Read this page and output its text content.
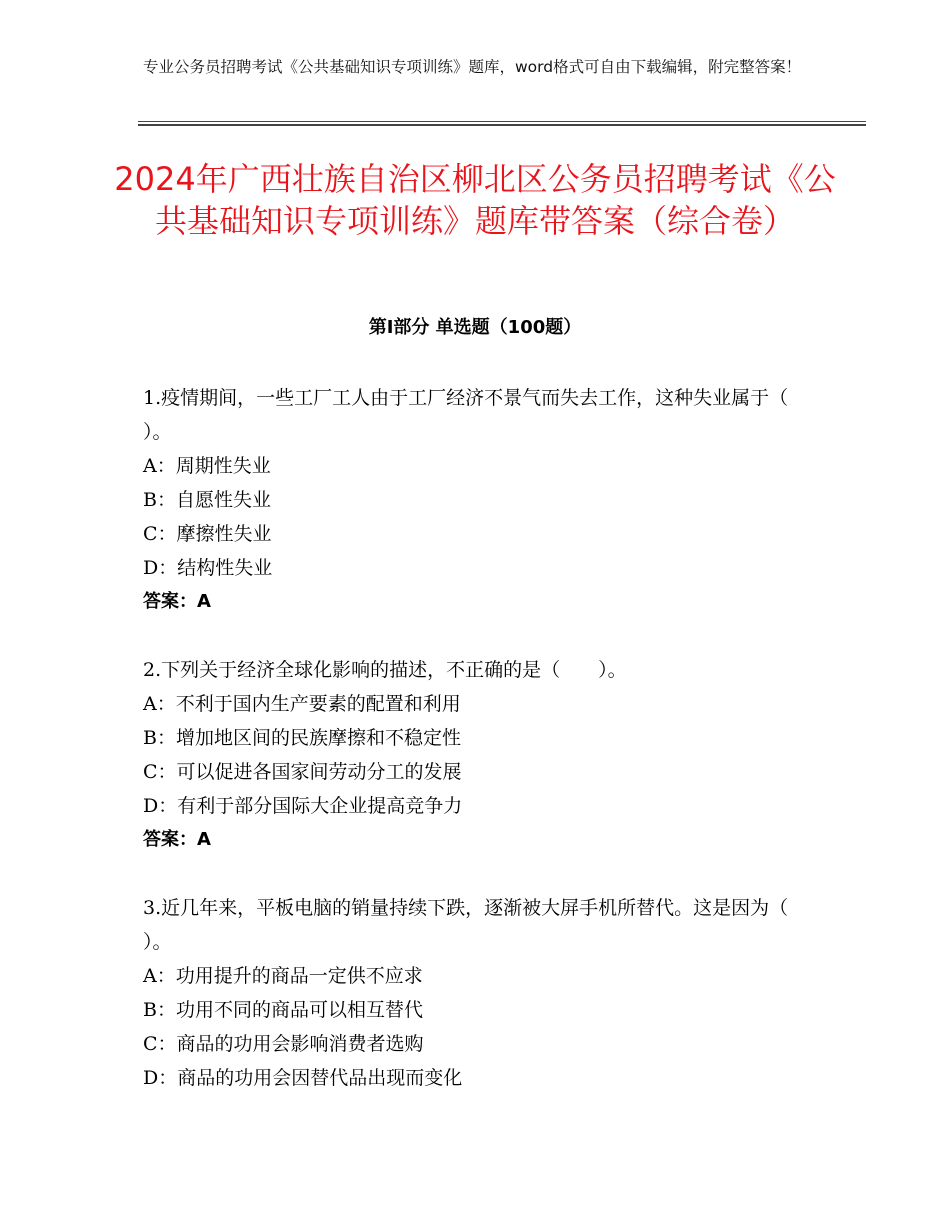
专业公务员招聘考试《公共基础知识专项训练》题库，word格式可自由下载编辑，附完整答案！
2024年广西壮族自治区柳北区公务员招聘考试《公共基础知识专项训练》题库带答案（综合卷）
第Ⅰ部分 单选题（100题）
1.疫情期间，一些工厂工人由于工厂经济不景气而失去工作，这种失业属于（　　）。
A：周期性失业
B：自愿性失业
C：摩擦性失业
D：结构性失业
答案：A
2.下列关于经济全球化影响的描述，不正确的是（　　）。
A：不利于国内生产要素的配置和利用
B：增加地区间的民族摩擦和不稳定性
C：可以促进各国家间劳动分工的发展
D：有利于部分国际大企业提高竞争力
答案：A
3.近几年来，平板电脑的销量持续下跌，逐渐被大屏手机所替代。这是因为（　　）。
A：功用提升的商品一定供不应求
B：功用不同的商品可以相互替代
C：商品的功用会影响消费者选购
D：商品的功用会因替代品出现而变化
